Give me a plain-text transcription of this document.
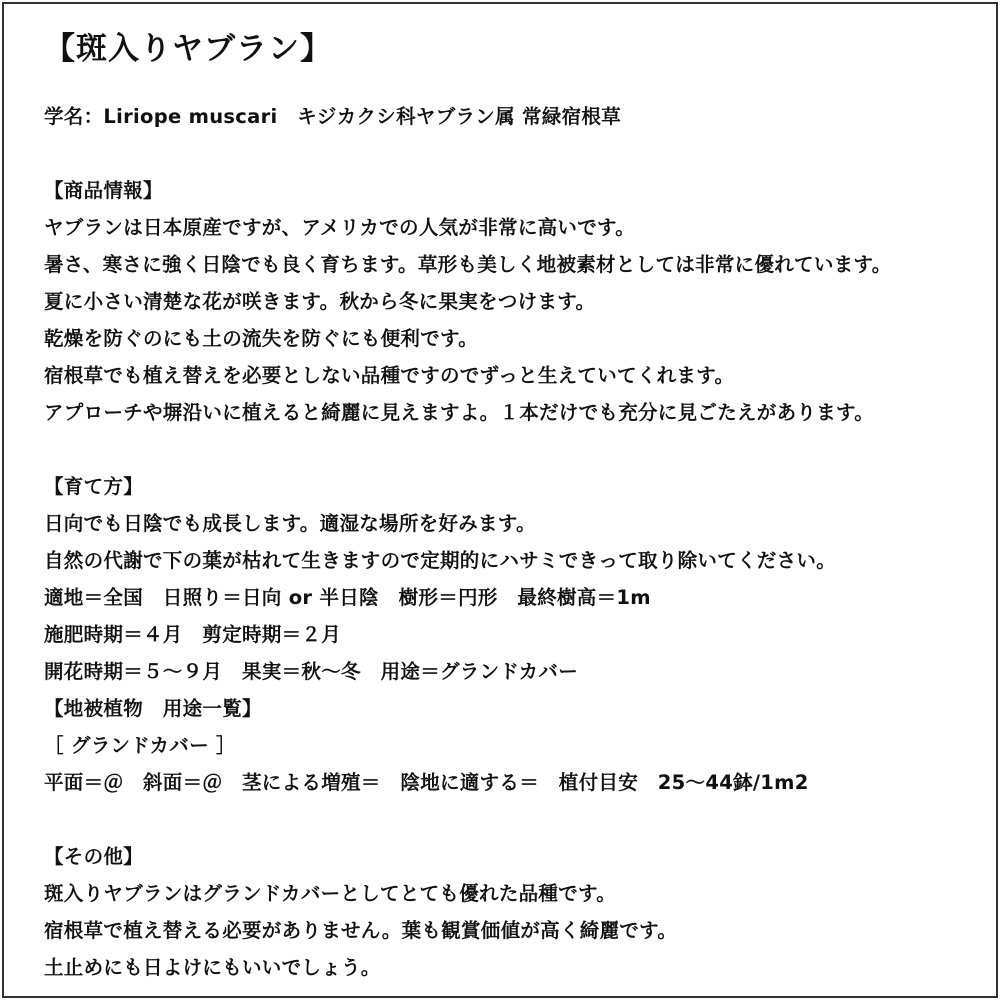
【斑入りヤブラン】
学名：Liriope muscari　キジカクシ科ヤブラン属 常緑宿根草
【商品情報】
ヤブランは日本原産ですが、アメリカでの人気が非常に高いです。
暑さ、寒さに強く日陰でも良く育ちます。草形も美しく地被素材としては非常に優れています。
夏に小さい清楚な花が咲きます。秋から冬に果実をつけます。
乾燥を防ぐのにも土の流失を防ぐにも便利です。
宿根草でも植え替えを必要としない品種ですのでずっと生えていてくれます。
アプローチや塀沿いに植えると綺麗に見えますよ。１本だけでも充分に見ごたえがあります。
【育て方】
日向でも日陰でも成長します。適湿な場所を好みます。
自然の代謝で下の葉が枯れて生きますので定期的にハサミできって取り除いてください。
適地＝全国　日照り＝日向 or 半日陰　樹形＝円形　最終樹高＝1m
施肥時期＝４月　剪定時期＝２月
開花時期＝５～９月　果実＝秋～冬　用途＝グランドカバー
【地被植物　用途一覧】
［ グランドカバー ］
平面＝＠　斜面＝＠　茎による増殖＝　陰地に適する＝　植付目安　25～44鉢/1m2
【その他】
斑入りヤブランはグランドカバーとしてとても優れた品種です。
宿根草で植え替える必要がありません。葉も観賞価値が高く綺麗です。
土止めにも日よけにもいいでしょう。
